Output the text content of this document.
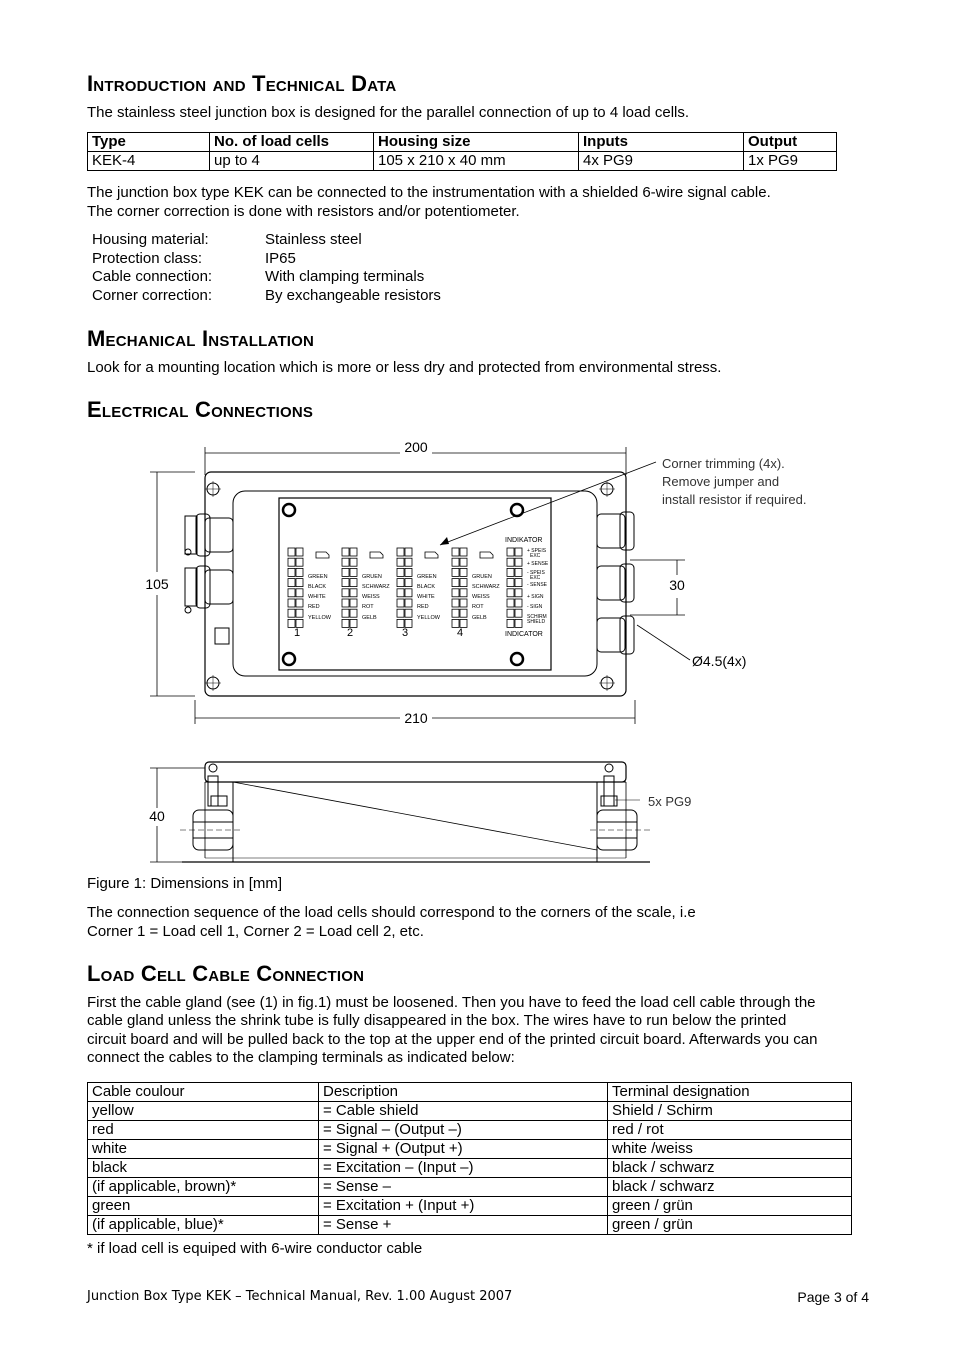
Introduction and Technical Data

The stainless steel junction box is designed for the parallel connection of up to 4 load cells.

Type	No. of load cells	Housing size	Inputs	Output
KEK-4	up to 4	105 x 210 x 40 mm	4x PG9	1x PG9

The junction box type KEK can be connected to the instrumentation with a shielded 6-wire signal cable.

The corner correction is done with resistors and/or potentiometer.

Housing material:	Stainless steel
Protection class:	IP65
Cable connection:	With clamping terminals
Corner correction:	By exchangeable resistors
Mechanical Installation

Look for a mounting location which is more or less dry and protected from environmental stress.

Electrical Connections
200
105	30
Ø4.5(4x)
INDIKATOR
INDICATOR
GREEN
BLACK
WHITE
RED
YELLOW
GRUEN
SCHWARZ
WEISS
ROT
GELB
GREEN
BLACK
WHITE
RED
YELLOW
GRUEN
SCHWARZ
WEISS
ROT
GELB
+ SPEIS
EXC
+ SENSE
- SPEIS
EXC
- SENSE
+ SIGN
- SIGN
SCHIRM
SHIELD
1	2	3	4
Corner trimming (4x).
Remove jumper and
install resistor if required.
210
40
5x PG9

Figure 1: Dimensions in [mm]

The connection sequence of the load cells should correspond to the corners of the scale, i.e

Corner 1 = Load cell 1, Corner 2 = Load cell 2, etc.

Load Cell Cable Connection

First the cable gland (see (1) in fig.1) must be loosened. Then you have to feed the load cell cable through the

cable gland unless the shrink tube is fully disappeared in the box. The wires have to run below the printed

circuit board and will be pulled back to the top at the upper end of the printed circuit board. Afterwards you can

connect the cables to the clamping terminals as indicated below:

Cable coulour	Description	Terminal designation
yellow	= Cable shield	Shield / Schirm
red	= Signal – (Output –)	red / rot
white	= Signal + (Output +)	white /weiss
black	= Excitation – (Input –)	black / schwarz
(if applicable, brown)*	= Sense –	black / schwarz
green	= Excitation + (Input +)	green / grün
(if applicable, blue)*	= Sense +	green / grün

* if load cell is equiped with 6-wire conductor cable

Junction Box Type KEK – Technical Manual, Rev. 1.00 August 2007	Page 3 of 4
